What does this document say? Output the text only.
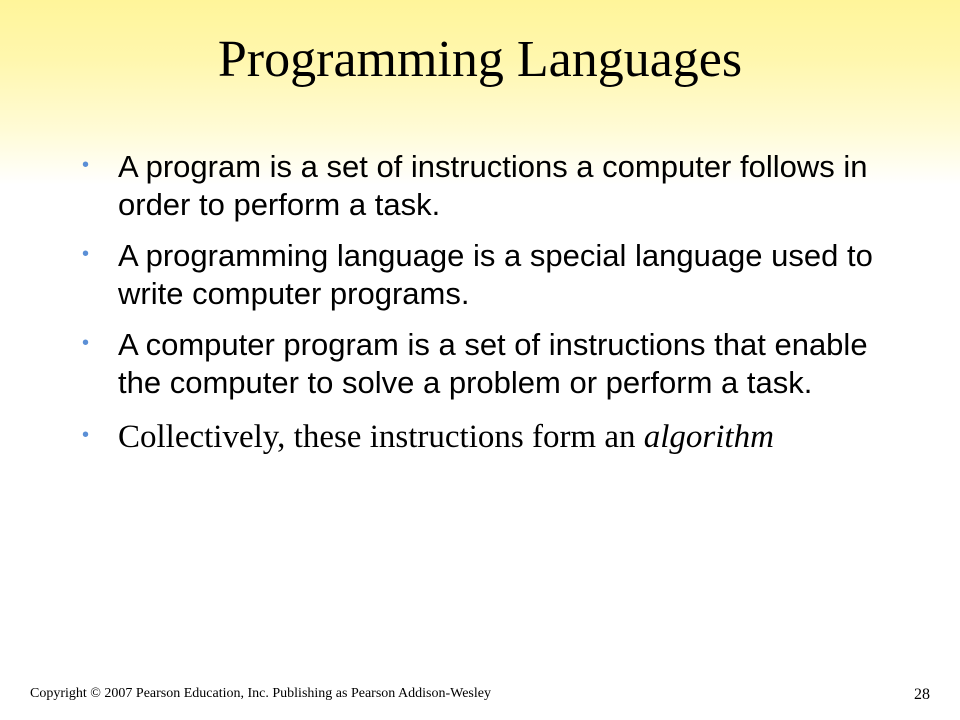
Programming Languages
• A program is a set of instructions a computer follows in order to perform a task.
• A programming language is a special language used to write computer programs.
• A computer program is a set of instructions that enable the computer to solve a problem or perform a task.
• Collectively, these instructions form an algorithm
Copyright © 2007 Pearson Education, Inc. Publishing as Pearson Addison-Wesley	28
